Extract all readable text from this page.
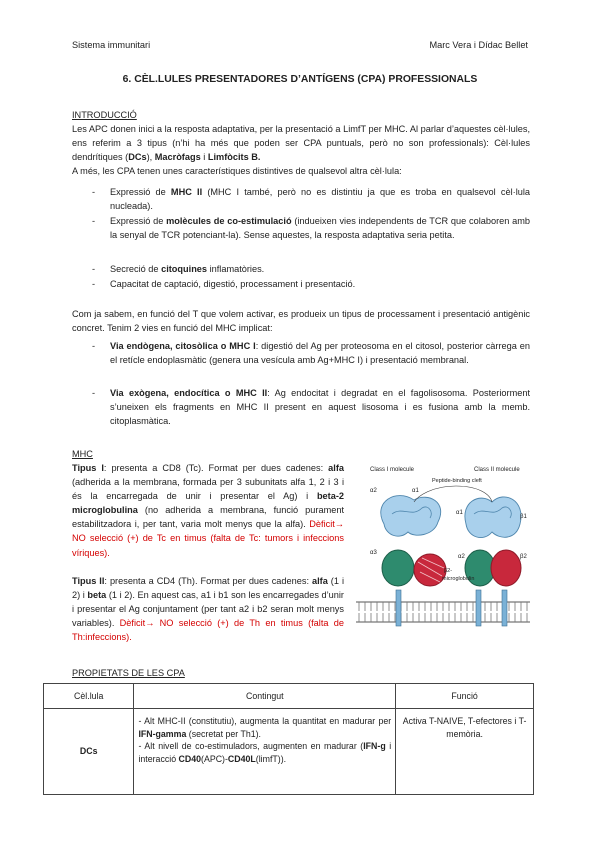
Sistema immunitari	Marc Vera i Dídac Bellet
6. CÈL.LULES PRESENTADORES D’ANTÍGENS (CPA) PROFESSIONALS
INTRODUCCIÓ
Les APC donen inici a la resposta adaptativa, per la presentació a LimfT per MHC. Al parlar d’aquestes cèl·lules, ens referim a 3 tipus (n’hi ha més que poden ser CPA puntuals, però no son professionals): Cèl·lules dendrítiques (DCs), Macròfags i Limfòcits B.
A més, les CPA tenen unes característiques distintives de qualsevol altra cèl·lula:
- Expressió de MHC II (MHC I també, però no es distintiu ja que es troba en qualsevol cèl·lula nucleada).
- Expressió de molècules de co-estimulació (indueixen vies independents de TCR que colaboren amb la senyal de TCR potenciant-la). Sense aquestes, la resposta adaptativa seria petita.
- Secreció de citoquines inflamatòries.
- Capacitat de captació, digestió, processament i presentació.
Com ja sabem, en funció del T que volem activar, es produeix un tipus de processament i presentació antigènic concret. Tenim 2 vies en funció del MHC implicat:
- Via endògena, citosòlica o MHC I: digestió del Ag per proteosoma en el citosol, posterior càrrega en el retícle endoplasmàtic (genera una vesícula amb Ag+MHC I) i presentació membranal.
- Via exògena, endocítica o MHC II: Ag endocitat i degradat en el fagolisosoma. Posteriorment s’uneixen els fragments en MHC II present en aquest lisosoma i es fusiona amb la memb. citoplasmàtica.
MHC
Tipus I: presenta a CD8 (Tc). Format per dues cadenes: alfa (adherida a la membrana, formada per 3 subunitats alfa 1, 2 i 3 i és la encarregada de unir i presentar el Ag) i beta-2 microglobulina (no adherida a membrana, funció purament estabilitzadora i, per tant, varia molt menys que la alfa). Dèficit→ NO selecció (+) de Tc en timus (falta de Tc: tumors i infeccions víriques).
Tipus II: presenta a CD4 (Th). Format per dues cadenes: alfa (1 i 2) i beta (1 i 2). En aquest cas, a1 i b1 son les encarregades d’unir i presentar el Ag conjuntament (per tant a2 i b2 seran molt menys variables). Dèficit→ NO selecció (+) de Th en timus (falta de Th:infeccions).
Class I molecule	Class II molecule
Peptide-binding cleft
α2	α1
α3
β2-
microglobulin
α1
β1
α2	β2
PROPIETATS DE LES CPA
Cèl.lula	Contingut	Funció
DCs	- Alt MHC-II (constitutiu), augmenta la quantitat en madurar per IFN-gamma (secretat per Th1).
- Alt nivell de co-estimuladors, augmenten en madurar (IFN-g i interacció CD40(APC)-CD40L(limfT)).	Activa T-NAIVE, T-efectores i T-memòria.
